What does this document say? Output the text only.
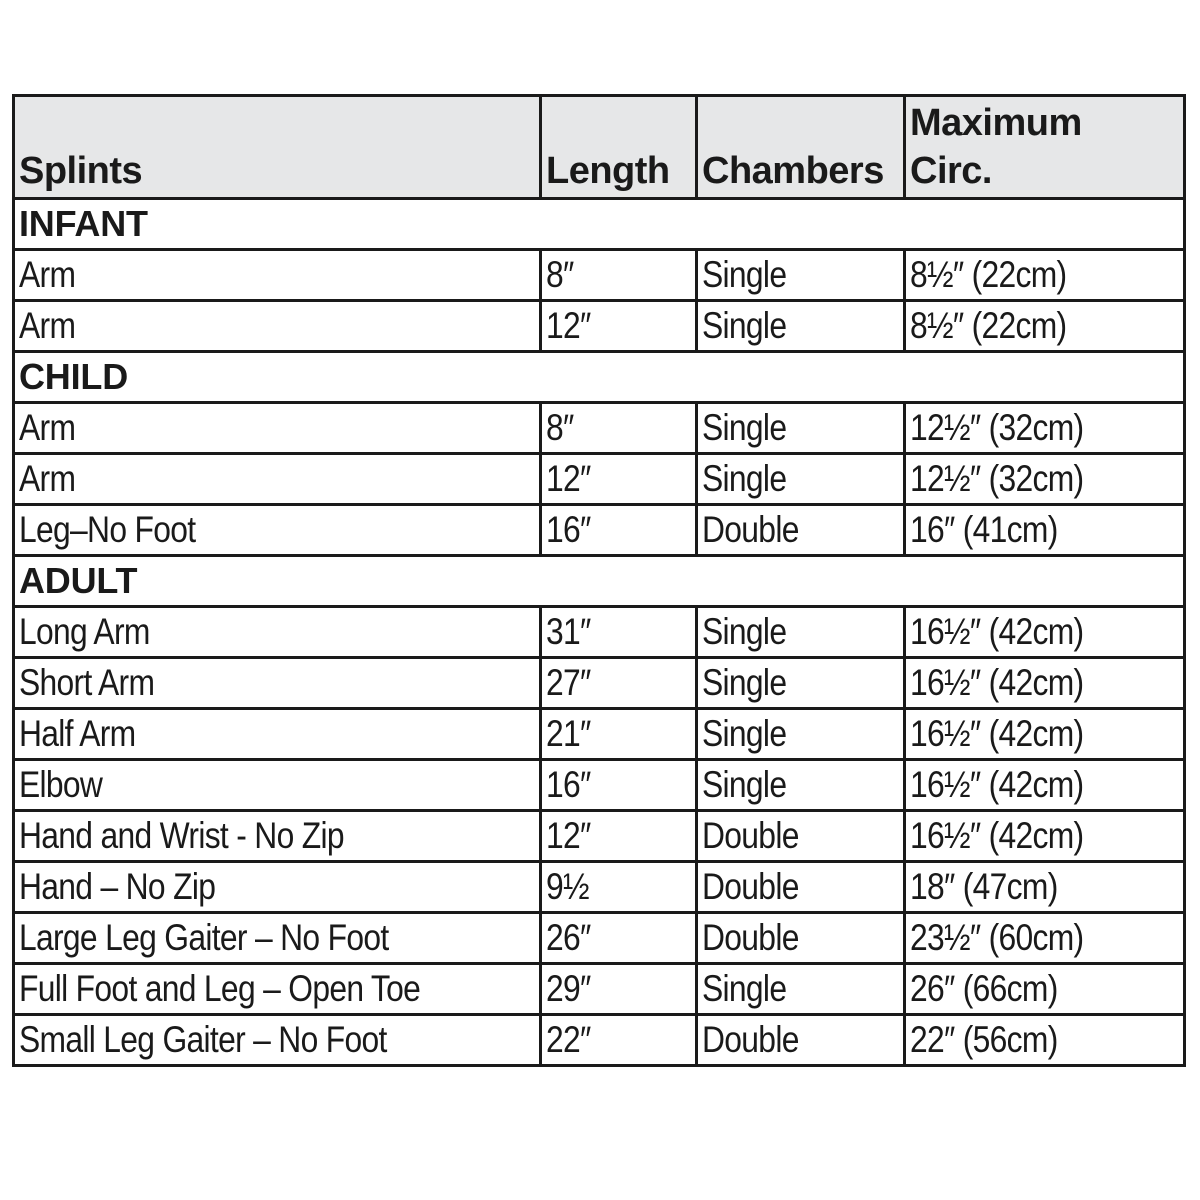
Splints	Length	Chambers	Maximum
Circ.
INFANT			
Arm	8″	Single	8½″ (22cm)
Arm	12″	Single	8½″ (22cm)
CHILD			
Arm	8″	Single	12½″ (32cm)
Arm	12″	Single	12½″ (32cm)
Leg–No Foot	16″	Double	16″ (41cm)
ADULT			
Long Arm	31″	Single	16½″ (42cm)
Short Arm	27″	Single	16½″ (42cm)
Half Arm	21″	Single	16½″ (42cm)
Elbow	16″	Single	16½″ (42cm)
Hand and Wrist - No Zip	12″	Double	16½″ (42cm)
Hand – No Zip	9½	Double	18″ (47cm)
Large Leg Gaiter – No Foot	26″	Double	23½″ (60cm)
Full Foot and Leg – Open Toe	29″	Single	26″ (66cm)
Small Leg Gaiter – No Foot	22″	Double	22″ (56cm)
